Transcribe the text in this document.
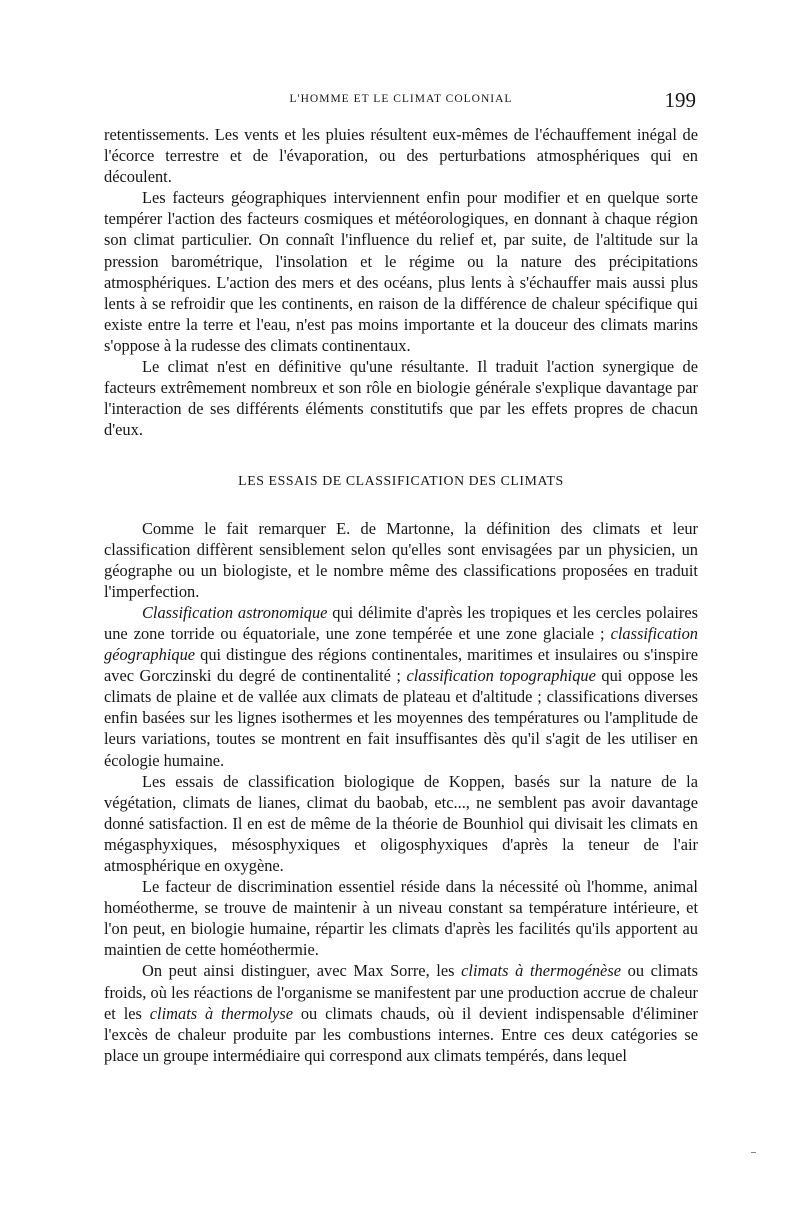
L'HOMME ET LE CLIMAT COLONIAL	199

retentissements. Les vents et les pluies résultent eux-mêmes de l'échauffement inégal de l'écorce terrestre et de l'évaporation, ou des perturbations atmosphériques qui en découlent.

Les facteurs géographiques interviennent enfin pour modifier et en quelque sorte tempérer l'action des facteurs cosmiques et météorologiques, en donnant à chaque région son climat particulier. On connaît l'influence du relief et, par suite, de l'altitude sur la pression barométrique, l'insolation et le régime ou la nature des précipitations atmosphériques. L'action des mers et des océans, plus lents à s'échauffer mais aussi plus lents à se refroidir que les continents, en raison de la différence de chaleur spécifique qui existe entre la terre et l'eau, n'est pas moins importante et la douceur des climats marins s'oppose à la rudesse des climats continentaux.

Le climat n'est en définitive qu'une résultante. Il traduit l'action synergique de facteurs extrêmement nombreux et son rôle en biologie générale s'explique davantage par l'interaction de ses différents éléments constitutifs que par les effets propres de chacun d'eux.

LES ESSAIS DE CLASSIFICATION DES CLIMATS

Comme le fait remarquer E. de Martonne, la définition des climats et leur classification diffèrent sensiblement selon qu'elles sont envisagées par un physicien, un géographe ou un biologiste, et le nombre même des classifications proposées en traduit l'imperfection.

Classification astronomique qui délimite d'après les tropiques et les cercles polaires une zone torride ou équatoriale, une zone tempérée et une zone glaciale ; classification géographique qui distingue des régions continentales, maritimes et insulaires ou s'inspire avec Gorczinski du degré de continentalité ; classification topographique qui oppose les climats de plaine et de vallée aux climats de plateau et d'altitude ; classifications diverses enfin basées sur les lignes isothermes et les moyennes des températures ou l'amplitude de leurs variations, toutes se montrent en fait insuffisantes dès qu'il s'agit de les utiliser en écologie humaine.

Les essais de classification biologique de Koppen, basés sur la nature de la végétation, climats de lianes, climat du baobab, etc..., ne semblent pas avoir davantage donné satisfaction. Il en est de même de la théorie de Bounhiol qui divisait les climats en mégasphyxiques, mésosphyxiques et oligosphyxiques d'après la teneur de l'air atmosphérique en oxygène.

Le facteur de discrimination essentiel réside dans la nécessité où l'homme, animal homéotherme, se trouve de maintenir à un niveau constant sa température intérieure, et l'on peut, en biologie humaine, répartir les climats d'après les facilités qu'ils apportent au maintien de cette homéothermie.

On peut ainsi distinguer, avec Max Sorre, les climats à thermogénèse ou climats froids, où les réactions de l'organisme se manifestent par une production accrue de chaleur et les climats à thermolyse ou climats chauds, où il devient indispensable d'éliminer l'excès de chaleur produite par les combustions internes. Entre ces deux catégories se place un groupe intermédiaire qui correspond aux climats tempérés, dans lequel
